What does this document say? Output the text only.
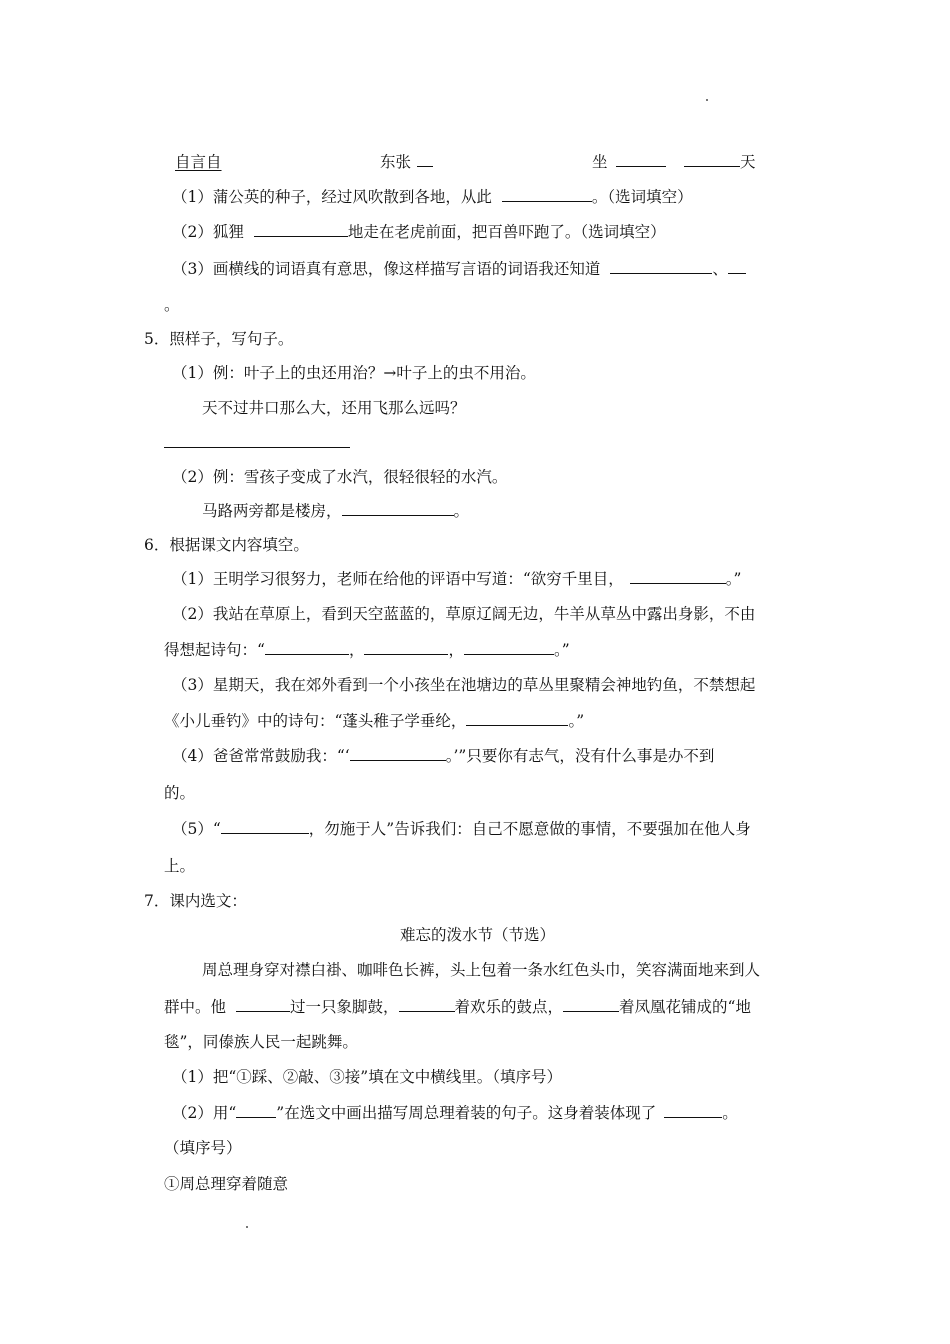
自言自	东张	坐	天
（1）蒲公英的种子，经过风吹散到各地，从此	。（选词填空）
（2）狐狸	地走在老虎前面，把百兽吓跑了。（选词填空）
（3）画横线的词语真有意思，像这样描写言语的词语我还知道	、
。
5．照样子，写句子。
（1）例：叶子上的虫还用治？→叶子上的虫不用治。
天不过井口那么大，还用飞那么远吗？
（2）例：雪孩子变成了水汽，很轻很轻的水汽。
马路两旁都是楼房，	。
6．根据课文内容填空。
（1）王明学习很努力，老师在给他的评语中写道：“欲穷千里目，	。”
（2）我站在草原上，看到天空蓝蓝的，草原辽阔无边，牛羊从草丛中露出身影，不由
得想起诗句：“	，	，	。”
（3）星期天，我在郊外看到一个小孩坐在池塘边的草丛里聚精会神地钓鱼，不禁想起
《小儿垂钓》中的诗句：“蓬头稚子学垂纶，	。”
（4）爸爸常常鼓励我：“‘	。’”只要你有志气，没有什么事是办不到
的。
（5）“	，勿施于人”告诉我们：自己不愿意做的事情，不要强加在他人身
上。
7．课内选文：
难忘的泼水节（节选）
周总理身穿对襟白褂、咖啡色长裤，头上包着一条水红色头巾，笑容满面地来到人
群中。他	过一只象脚鼓，	着欢乐的鼓点，	着凤凰花铺成的“地
毯”，同傣族人民一起跳舞。
（1）把“①踩、②敲、③接”填在文中横线里。（填序号）
（2）用“	”在选文中画出描写周总理着装的句子。这身着装体现了	。
（填序号）
①周总理穿着随意
